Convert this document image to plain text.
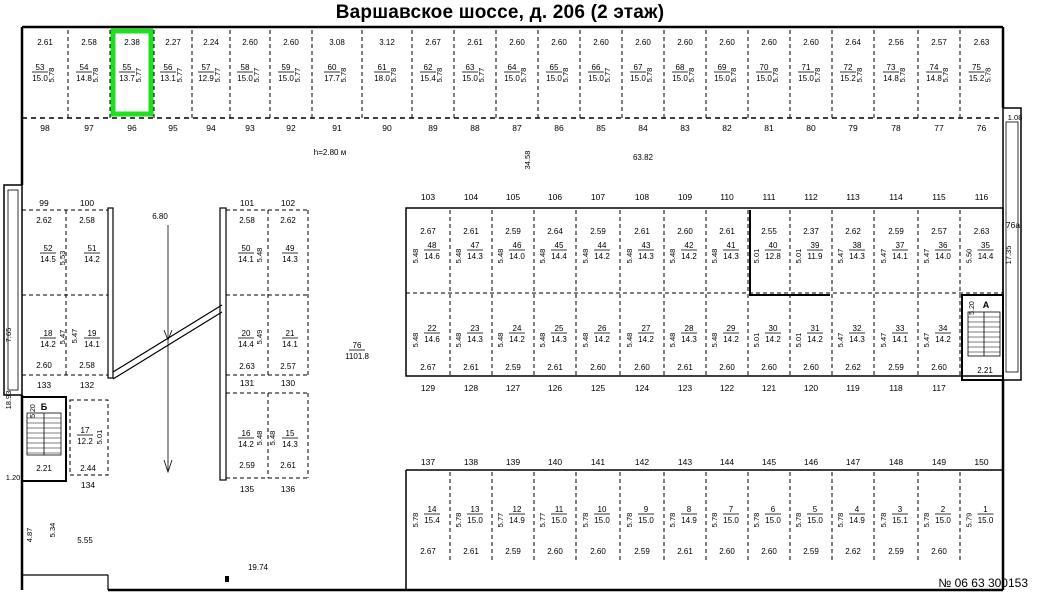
Варшавское шоссе, д. 206 (2 этаж)
№ 06 63 300153
2.61
53
15.0 5.78
98
2.58
54
14.8 5.78
97
2.38
55
13.7 5.77
96
2.27
56
13.1 5.77
95
2.24
57
12.9 5.77
94
2.60
58
15.0 5.77
93
2.60
59
15.0 5.77
92
3.08
60
17.7 5.78
91
3.12
61
18.0 5.78
90
2.67
62
15.4 5.78
89
2.61
63
15.0 5.77
88
2.60
64
15.0 5.78
87
2.60
65
15.0 5.78
86
2.60
66
15.0 5.77
85
2.60
67
15.0 5.78
84
2.60
68
15.0 5.78
83
2.60
69
15.0 5.78
82
2.60
70
15.0 5.78
81
2.60
71
15.0 5.78
80
2.64
72
15.2 5.78
79
2.56
73
14.8 5.78
78
2.57
74
14.8 5.78
77
2.63
75
15.2 5.78
76
99
2.62
2.60
133
100
2.58
2.58
132
52
14.5
51
14.2
5.53
18
14.2
19
14.1
5.47 5.47
Б
5.20
2.21
17
12.2 5.01
2.44
134
101
2.58
2.63
131
2.59
135
102
2.62
2.57
130
2.61
136
50
14.1
49
14.3
5.48
20
14.4
21
14.1
5.49
16
14.2
15
14.3
5.48 5.48
6.80
103
2.67
48
14.6
5.48
22
14.6
5.48
2.67
129
104
2.61
47
14.3
5.48
23
14.3
5.48
2.61
128
105
2.59
46
14.0
5.48
24
14.2
5.48
2.59
127
106
2.64
45
14.4
5.48
25
14.3
5.48
2.61
126
107
2.59
44
14.2
5.48
26
14.2
5.48
2.60
125
108
2.61
43
14.3
5.48
27
14.2
5.48
2.60
124
109
2.60
42
14.2
5.48
28
14.3
5.48
2.61
123
110
2.61
41
14.3
5.48
29
14.2
5.48
2.60
122
111
2.55
40
12.8
5.01
30
14.2
5.01
2.60
121
112
2.37
39
11.9
5.01
31
14.2
5.01
2.60
120
113
2.62
38
14.3
5.47
32
14.3
5.47
2.62
119
114
2.59
37
14.1
5.47
33
14.1
5.47
2.59
118
115
2.57
36
14.0
5.47
34
14.2
5.47
2.60
117
116
2.63
35
14.4
5.50
76а
17.35
1.08
А
5.20
2.21
137
14
15.4
5.78
2.67
138
13
15.0
5.78
2.61
139
12
14.9
5.77
2.59
140
11
15.0
5.77
2.60
141
10
15.0
5.78
2.60
142
9
15.0
5.78
2.59
143
8
14.9
5.78
2.61
144
7
15.0
5.78
2.60
145
6
15.0
5.78
2.60
146
5
15.0
5.78
2.59
147
4
14.9
5.78
2.62
148
3
15.1
5.78
2.59
149
2
15.0
5.78
2.60
150
1
15.0
5.79
76
1101.8
h=2.80 м	34.58	63.82
7.65
18.93
1.20
4.87 5.34
5.55
19.74
